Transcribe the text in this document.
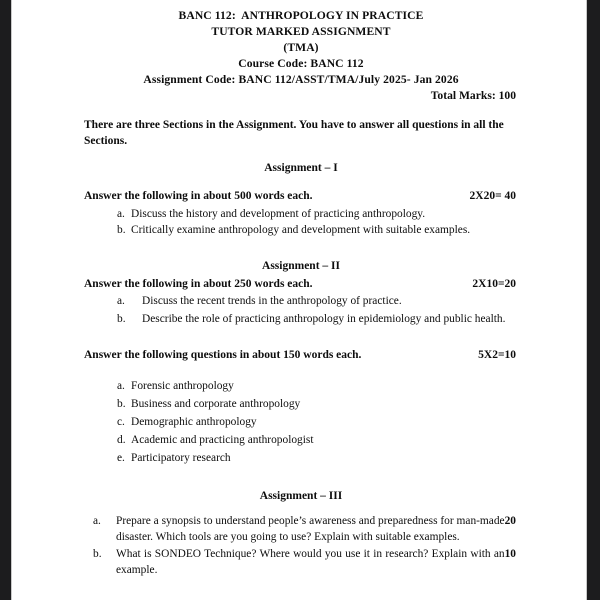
BANC 112:  ANTHROPOLOGY IN PRACTICE
TUTOR MARKED ASSIGNMENT
(TMA)
Course Code: BANC 112
Assignment Code: BANC 112/ASST/TMA/July 2025- Jan 2026
Total Marks: 100
There are three Sections in the Assignment. You have to answer all questions in all the Sections.
Assignment – I
Answer the following in about 500 words each.	2X20= 40
a. Discuss the history and development of practicing anthropology.
b. Critically examine anthropology and development with suitable examples.
Assignment – II
Answer the following in about 250 words each.	2X10=20
a. Discuss the recent trends in the anthropology of practice.
b. Describe the role of practicing anthropology in epidemiology and public health.
Answer the following questions in about 150 words each.	5X2=10
a. Forensic anthropology
b. Business and corporate anthropology
c. Demographic anthropology
d. Academic and practicing anthropologist
e. Participatory research
Assignment – III
a.	20
Prepare a synopsis to understand people’s awareness and preparedness for man-made disaster. Which tools are you going to use? Explain with suitable examples.
b.	10
What is SONDEO Technique? Where would you use it in research? Explain with an example.
